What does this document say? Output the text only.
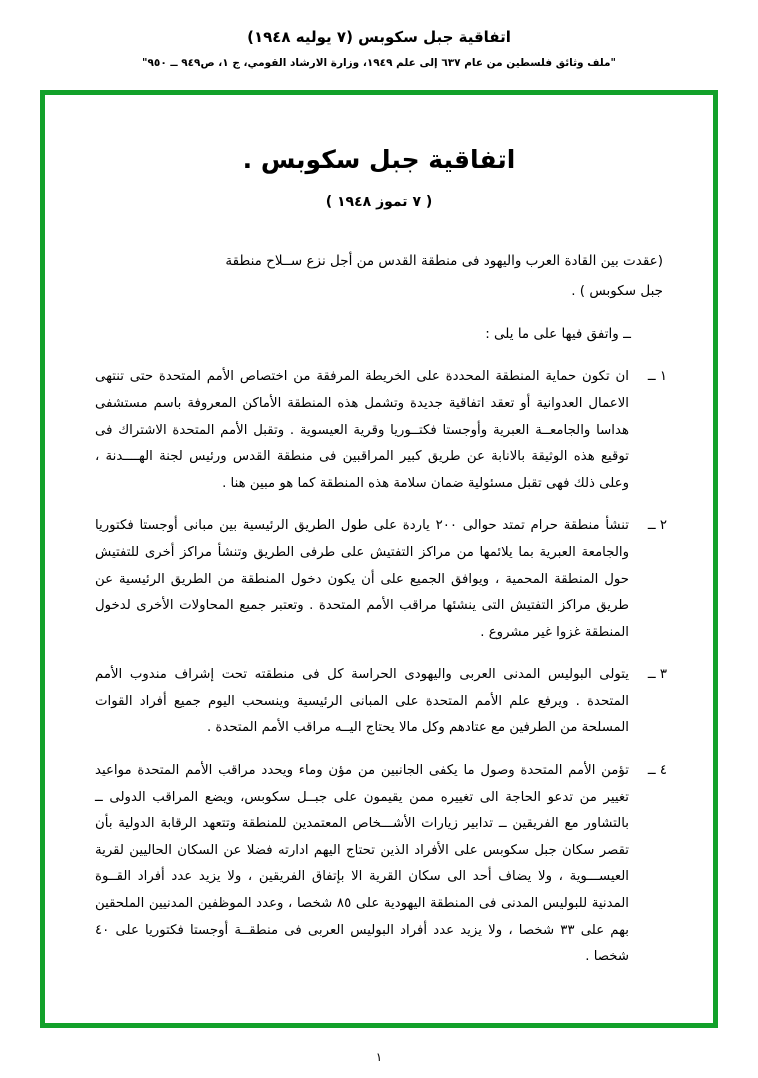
اتفاقية جبل سكوبس (٧ يوليه ١٩٤٨)
"ملف وثائق فلسطين من عام ٦٣٧ إلى علم ١٩٤٩، وزارة الارشاد القومي، ج ١، ص٩٤٩ ــ ٩٥٠"
اتفاقية جبل سكوبس .
( ٧ تموز ١٩٤٨ )
(عقدت بين القادة العرب واليهود فى منطقة القدس من أجل نزع ســلاح منطقة
جبل سكوبس ) .
ــ واتفق فيها على ما يلى :
١ ــ
ان تكون حماية المنطقة المحددة على الخريطة المرفقة من اختصاص الأمم المتحدة حتى تنتهى الاعمال العدوانية أو تعقد اتفاقية جديدة وتشمل هذه المنطقة الأماكن المعروفة باسم مستشفى هداسا والجامعــة العبرية وأوجستا فكتــوريا وقرية العيسوية . وتقبل الأمم المتحدة الاشتراك فى توقيع هذه الوثيقة بالانابة عن طريق كبير المراقبين فى منطقة القدس ورئيس لجنة الهــــدنة ، وعلى ذلك فهى تقبل مسئولية ضمان سلامة هذه المنطقة كما هو مبين هنا .
٢ ــ
تنشأ منطقة حرام تمتد حوالى ٢٠٠ ياردة على طول الطريق الرئيسية بين مبانى أوجستا فكتوريا والجامعة العبرية بما يلائمها من مراكز التفتيش على طرفى الطريق وتنشأ مراكز أخرى للتفتيش حول المنطقة المحمية ، ويوافق الجميع على أن يكون دخول المنطقة من الطريق الرئيسية عن طريق مراكز التفتيش التى ينشئها مراقب الأمم المتحدة . وتعتبر جميع المحاولات الأخرى لدخول المنطقة غزوا غير مشروع .
٣ ــ
يتولى البوليس المدنى العربى واليهودى الحراسة كل فى منطقته تحت إشراف مندوب الأمم المتحدة . ويرفع علم الأمم المتحدة على المبانى الرئيسية وينسحب اليوم جميع أفراد القوات المسلحة من الطرفين مع عتادهم وكل مالا يحتاج اليــه مراقب الأمم المتحدة .
٤ ــ
تؤمن الأمم المتحدة وصول ما يكفى الجانبين من مؤن وماء ويحدد مراقب الأمم المتحدة مواعيد تغيير من تدعو الحاجة الى تغييره ممن يقيمون على جبــل سكوبس، ويضع المراقب الدولى ــ بالتشاور مع الفريقين ــ تدابير زيارات الأشـــخاص المعتمدين للمنطقة وتتعهد الرقابة الدولية بأن تقصر سكان جبل سكوبس على الأفراد الذين تحتاج اليهم ادارتە فضلا عن السكان الحاليين لقرية العيســـوية ، ولا يضاف أحد الى سكان القرية الا بإتفاق الفريقين ، ولا يزيد عدد أفراد القــوة المدنية للبوليس المدنى فى المنطقة اليهودية على ٨٥ شخصا ، وعدد الموظفين المدنيين الملحقين بهم على ٣٣ شخصا ، ولا يزيد عدد أفراد البوليس العربى فى منطقــة أوجستا فكتوريا على ٤٠ شخصا .
١
